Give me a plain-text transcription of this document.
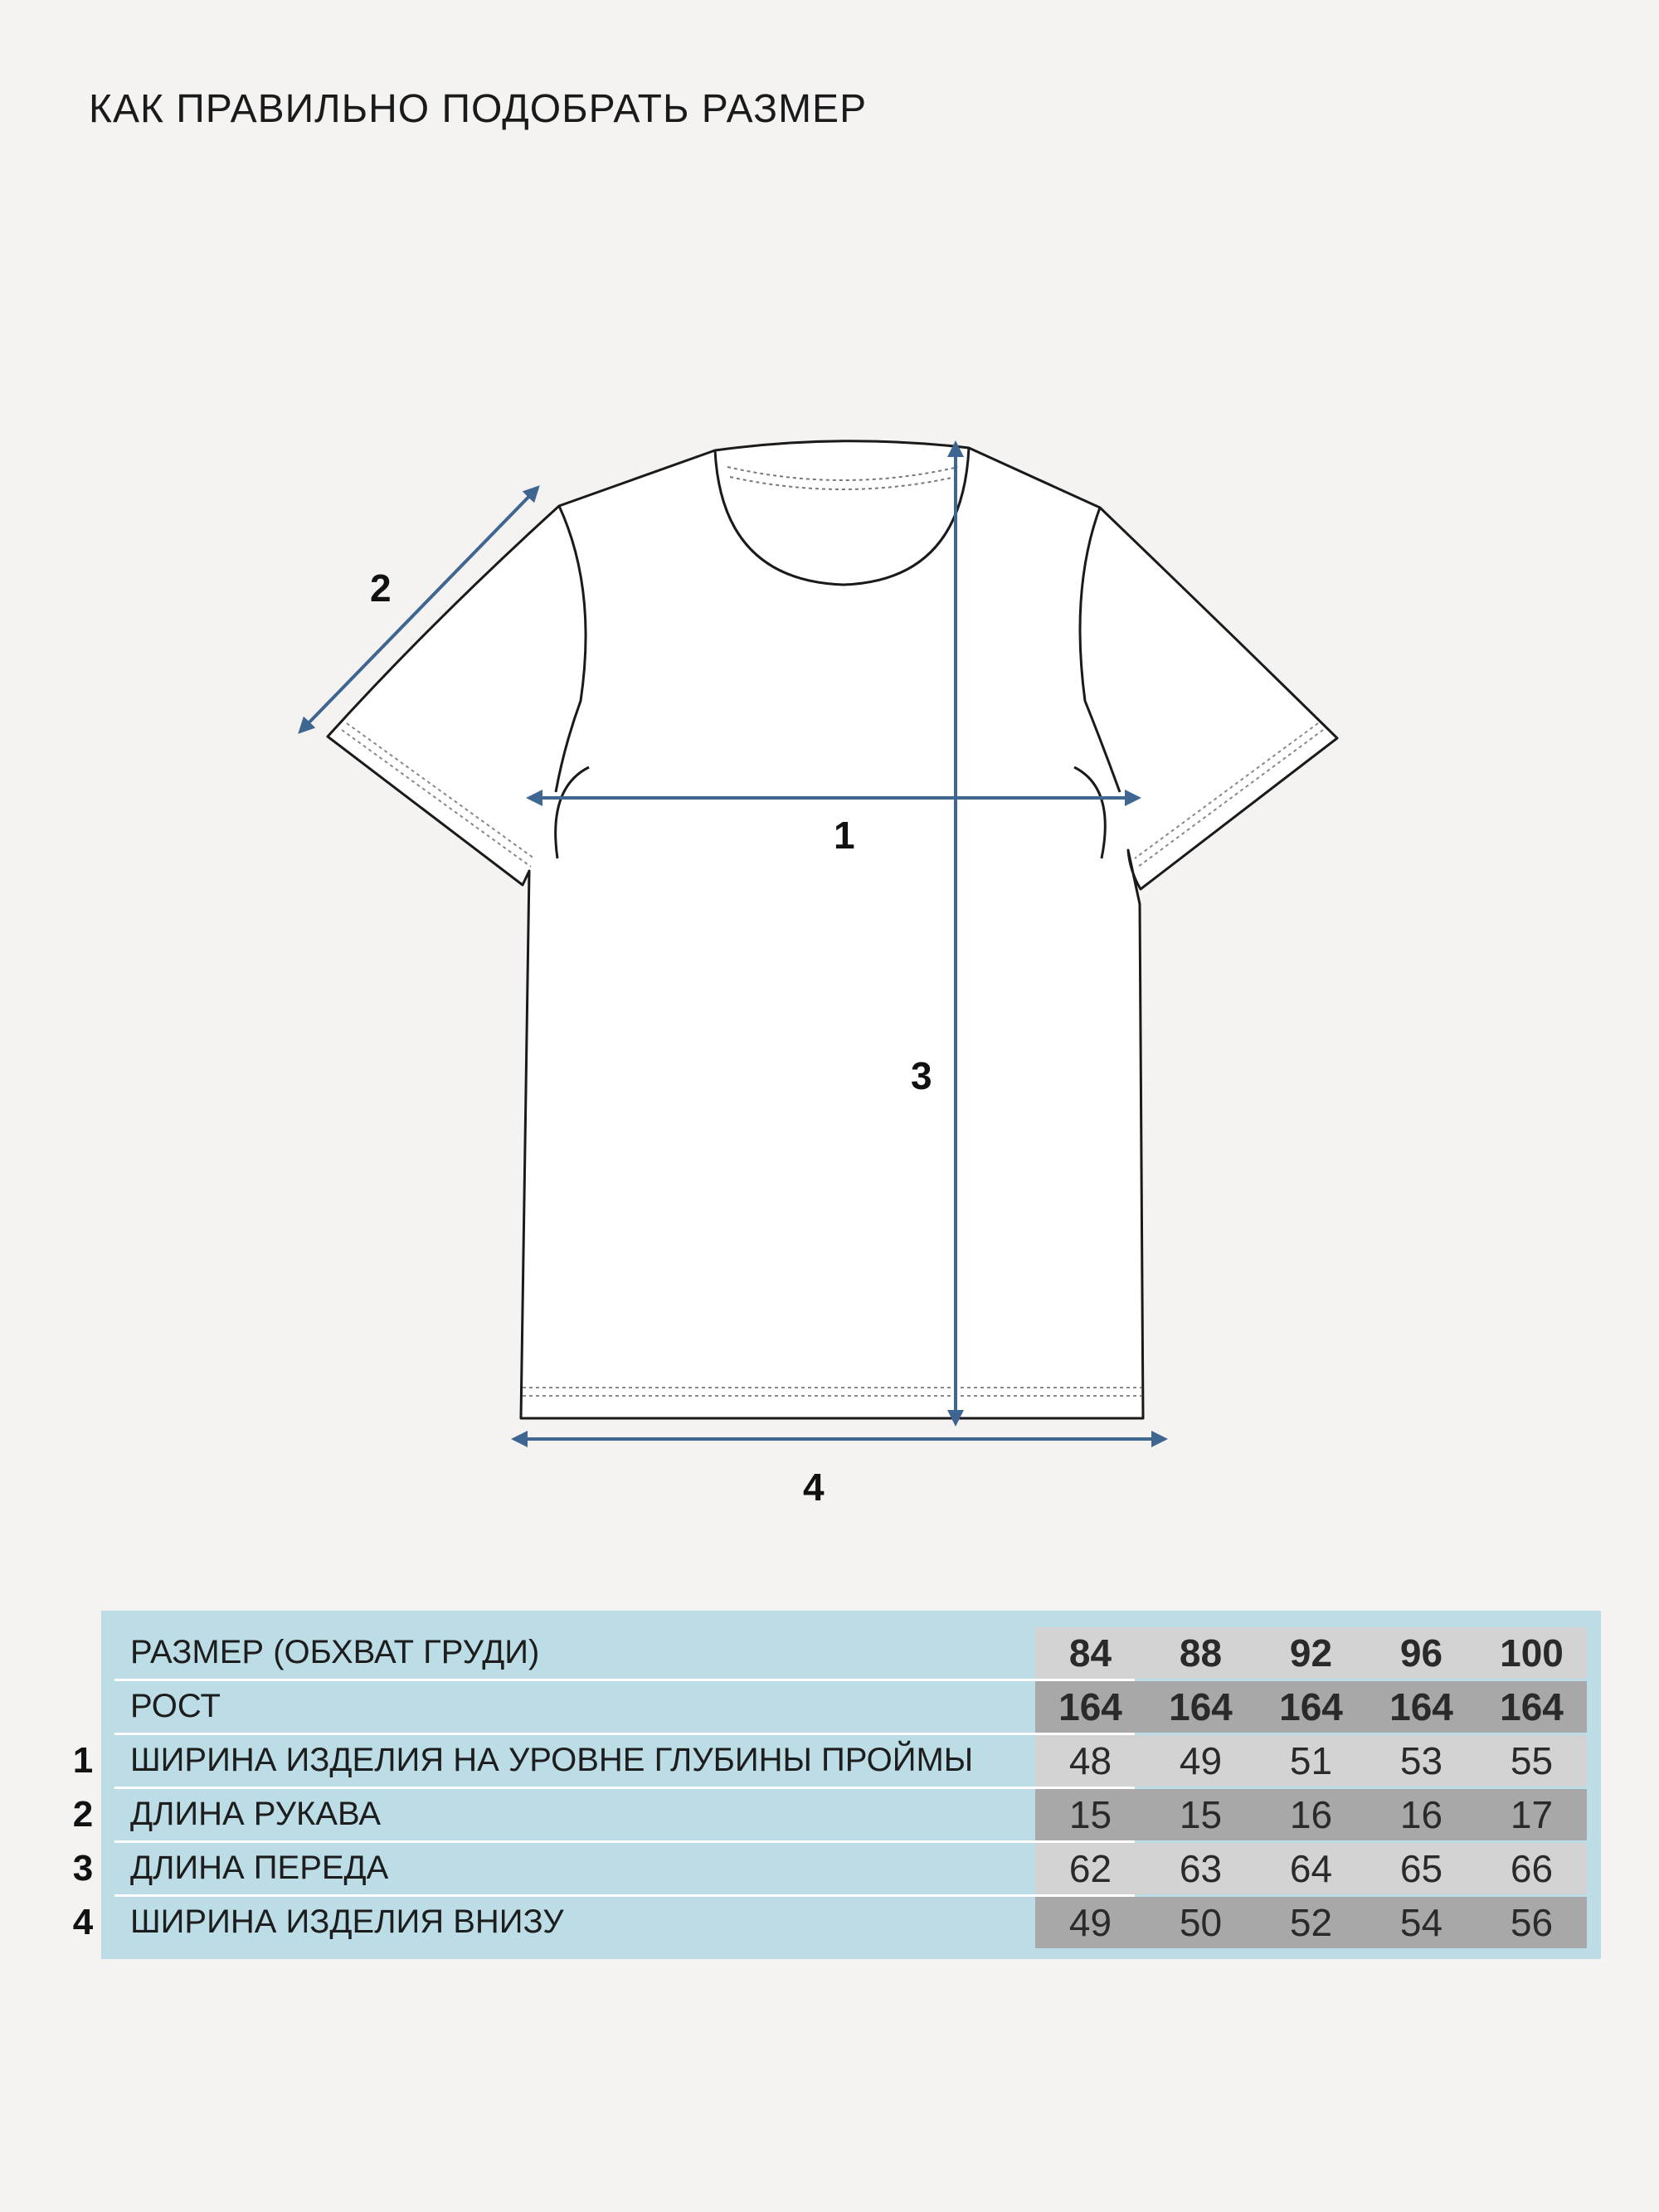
КАК ПРАВИЛЬНО ПОДОБРАТЬ РАЗМЕР
1
2
3
4
РАЗМЕР (ОБХВАТ ГРУДИ)	84	88	92	96	100
РОСТ	164	164	164	164	164
1 ШИРИНА ИЗДЕЛИЯ НА УРОВНЕ ГЛУБИНЫ ПРОЙМЫ	48	49	51	53	55
2 ДЛИНА РУКАВА	15	15	16	16	17
3 ДЛИНА ПЕРЕДА	62	63	64	65	66
4 ШИРИНА ИЗДЕЛИЯ ВНИЗУ	49	50	52	54	56
